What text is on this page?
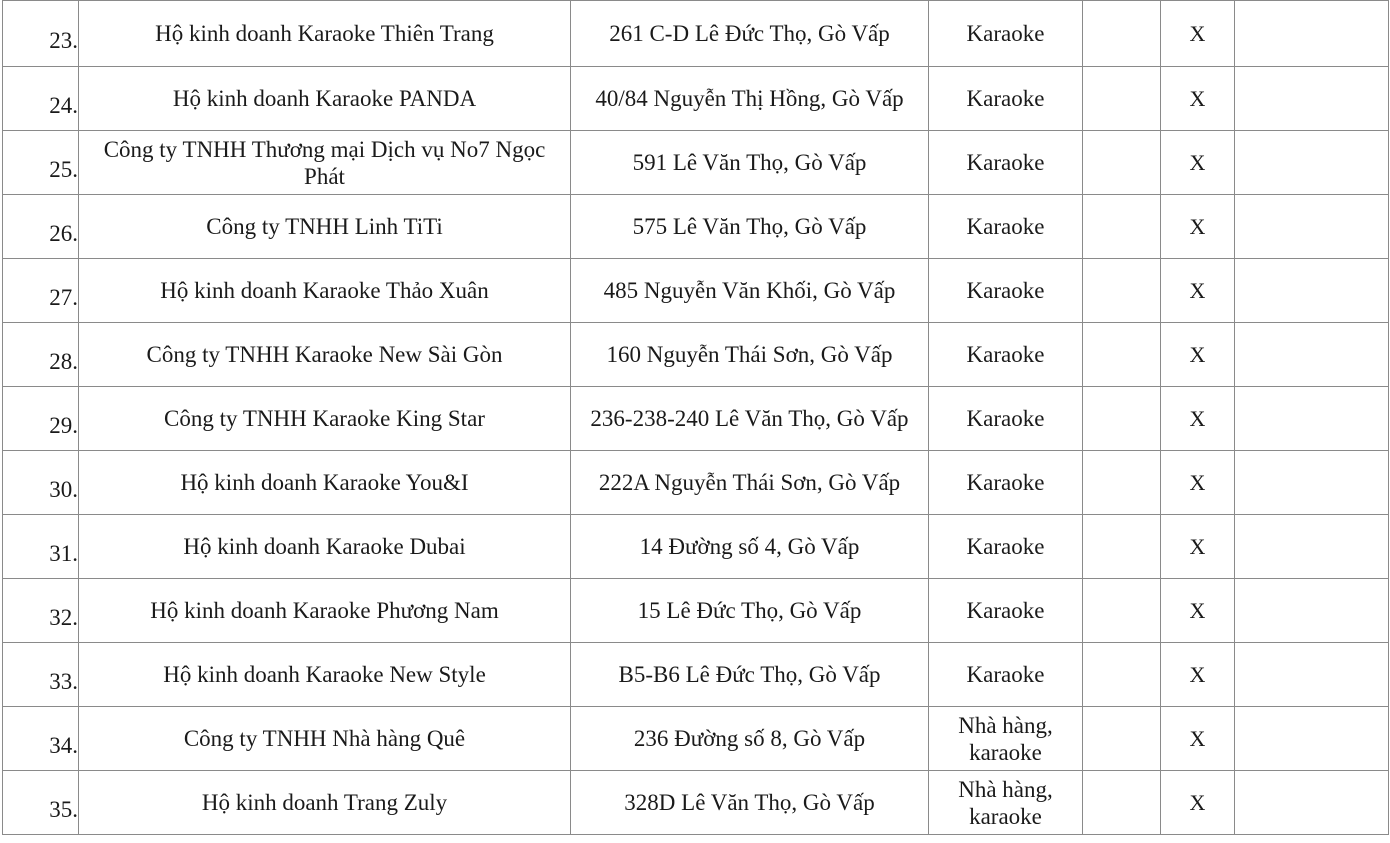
23.	Hộ kinh doanh Karaoke Thiên Trang	261 C-D Lê Đức Thọ, Gò Vấp	Karaoke		X	
24.	Hộ kinh doanh Karaoke PANDA	40/84 Nguyễn Thị Hồng, Gò Vấp	Karaoke		X	
25.	Công ty TNHH Thương mại Dịch vụ No7 Ngọc Phát	591 Lê Văn Thọ, Gò Vấp	Karaoke		X	
26.	Công ty TNHH Linh TiTi	575 Lê Văn Thọ, Gò Vấp	Karaoke		X	
27.	Hộ kinh doanh Karaoke Thảo Xuân	485 Nguyễn Văn Khối, Gò Vấp	Karaoke		X	
28.	Công ty TNHH Karaoke New Sài Gòn	160 Nguyễn Thái Sơn, Gò Vấp	Karaoke		X	
29.	Công ty TNHH Karaoke King Star	236-238-240 Lê Văn Thọ, Gò Vấp	Karaoke		X	
30.	Hộ kinh doanh Karaoke You&I	222A Nguyễn Thái Sơn, Gò Vấp	Karaoke		X	
31.	Hộ kinh doanh Karaoke Dubai	14 Đường số 4, Gò Vấp	Karaoke		X	
32.	Hộ kinh doanh Karaoke Phương Nam	15 Lê Đức Thọ, Gò Vấp	Karaoke		X	
33.	Hộ kinh doanh Karaoke New Style	B5-B6 Lê Đức Thọ, Gò Vấp	Karaoke		X	
34.	Công ty TNHH Nhà hàng Quê	236 Đường số 8, Gò Vấp	Nhà hàng, karaoke		X	
35.	Hộ kinh doanh Trang Zuly	328D Lê Văn Thọ, Gò Vấp	Nhà hàng, karaoke		X	
